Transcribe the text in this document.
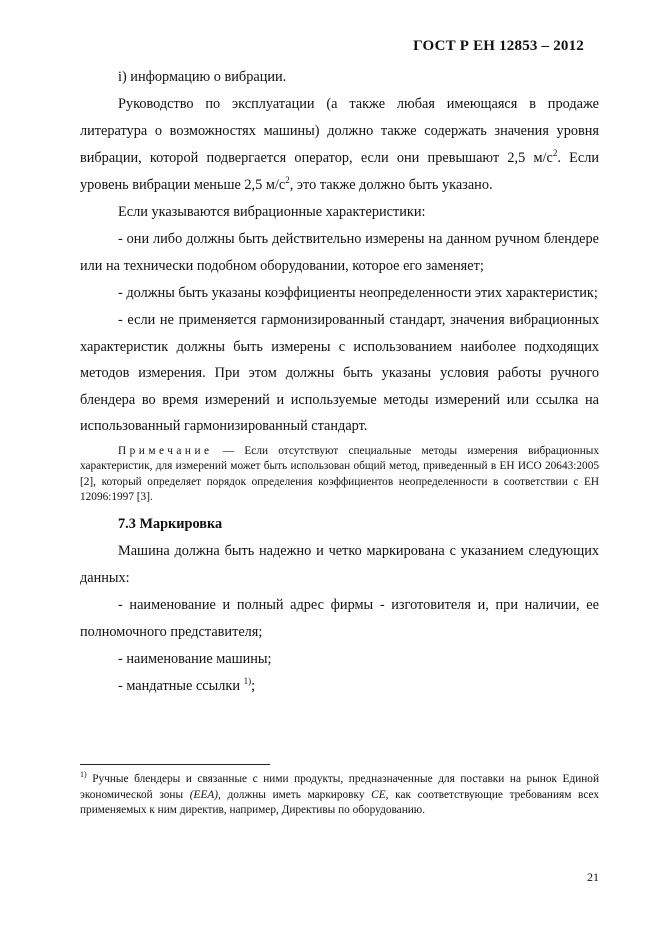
ГОСТ Р ЕН 12853 – 2012

i) информацию о вибрации.

Руководство по эксплуатации (а также любая имеющаяся в продаже литература о возможностях машины) должно также содержать значения уровня вибрации, которой подвергается оператор, если они превышают 2,5 $м/с^2$. Если уровень вибрации меньше 2,5 $м/с^2$, это также должно быть указано.

Если указываются вибрационные характеристики:

- они либо должны быть действительно измерены на данном ручном блендере или на технически подобном оборудовании, которое его заменяет;

- должны быть указаны коэффициенты неопределенности этих характеристик;

- если не применяется гармонизированный стандарт, значения вибрационных характеристик должны быть измерены с использованием наиболее подходящих методов измерения. При этом должны быть указаны условия работы ручного блендера во время измерений и используемые методы измерений или ссылка на использованный гармонизированный стандарт.

Примечание — Если отсутствуют специальные методы измерения вибрационных характеристик, для измерений может быть использован общий метод, приведенный в ЕН ИСО 20643:2005 [2], который определяет порядок определения коэффициентов неопределенности в соответствии с ЕН 12096:1997 [3].

7.3 Маркировка

Машина должна быть надежно и четко маркирована с указанием следующих данных:

- наименование и полный адрес фирмы - изготовителя и, при наличии, ее полномочного представителя;

- наименование машины;

- мандатные ссылки $^{1)}$;

$^{1)}$ Ручные блендеры и связанные с ними продукты, предназначенные для поставки на рынок Единой экономической зоны (EEA), должны иметь маркировку CE, как соответствующие требованиям всех применяемых к ним директив, например, Директивы по оборудованию.
21
